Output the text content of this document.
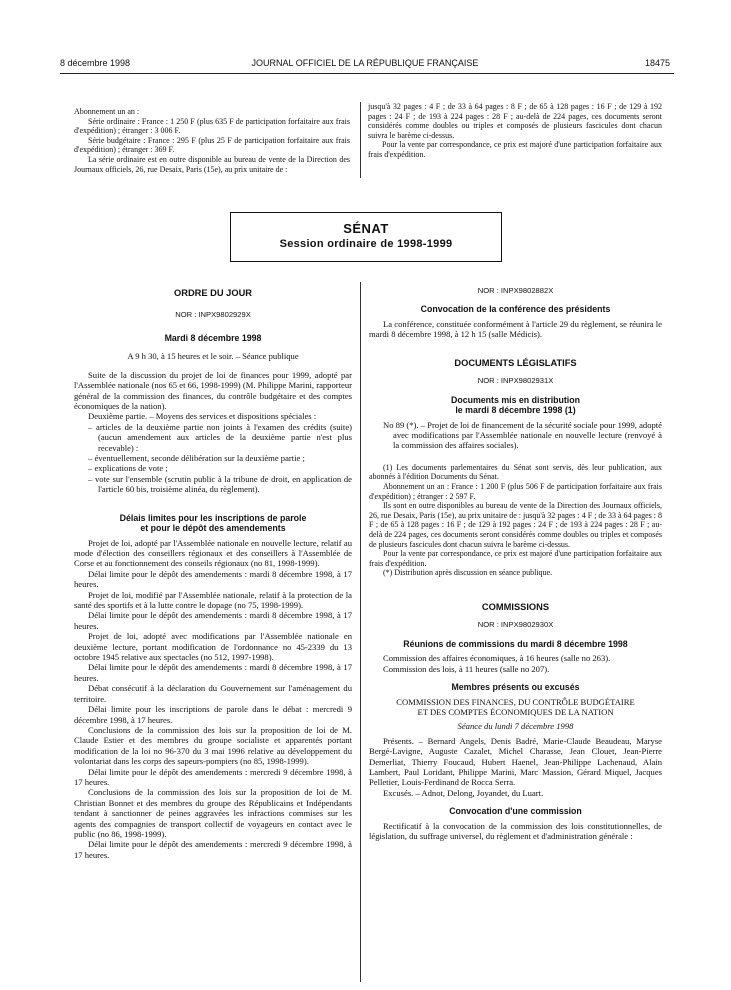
8 décembre 1998	JOURNAL OFFICIEL DE LA RÉPUBLIQUE FRANÇAISE	18475

Abonnement un an :

Série ordinaire : France : 1 250 F (plus 635 F de participation forfaitaire aux frais d'expédition) ; étranger : 3 006 F.

Série budgétaire : France : 295 F (plus 25 F de participation forfaitaire aux frais d'expédition) ; étranger : 369 F.

La série ordinaire est en outre disponible au bureau de vente de la Direction des Journaux officiels, 26, rue Desaix, Paris (15e), au prix unitaire de :

jusqu'à 32 pages : 4 F ; de 33 à 64 pages : 8 F ; de 65 à 128 pages : 16 F ; de 129 à 192 pages : 24 F ; de 193 à 224 pages : 28 F ; au-delà de 224 pages, ces documents seront considérés comme doubles ou triples et composés de plusieurs fascicules dont chacun suivra le barème ci-dessus.

Pour la vente par correspondance, ce prix est majoré d'une participation forfaitaire aux frais d'expédition.

SÉNAT
Session ordinaire de 1998-1999
ORDRE DU JOUR
NOR : INPX9802929X
Mardi 8 décembre 1998

A 9 h 30, à 15 heures et le soir. – Séance publique

Suite de la discussion du projet de loi de finances pour 1999, adopté par l'Assemblée nationale (nos 65 et 66, 1998-1999) (M. Philippe Marini, rapporteur général de la commission des finances, du contrôle budgétaire et des comptes économiques de la nation).

Deuxième partie. – Moyens des services et dispositions spéciales :

– articles de la deuxième partie non joints à l'examen des crédits (suite) (aucun amendement aux articles de la deuxième partie n'est plus recevable) :

– éventuellement, seconde délibération sur la deuxième partie ;

– explications de vote ;

– vote sur l'ensemble (scrutin public à la tribune de droit, en application de l'article 60 bis, troisième alinéa, du règlement).

Délais limites pour les inscriptions de parole
et pour le dépôt des amendements

Projet de loi, adopté par l'Assemblée nationale en nouvelle lecture, relatif au mode d'élection des conseillers régionaux et des conseillers à l'Assemblée de Corse et au fonctionnement des conseils régionaux (no 81, 1998-1999).

Délai limite pour le dépôt des amendements : mardi 8 décembre 1998, à 17 heures.

Projet de loi, modifié par l'Assemblée nationale, relatif à la protection de la santé des sportifs et à la lutte contre le dopage (no 75, 1998-1999).

Délai limite pour le dépôt des amendements : mardi 8 décembre 1998, à 17 heures.

Projet de loi, adopté avec modifications par l'Assemblée nationale en deuxième lecture, portant modification de l'ordonnance no 45-2339 du 13 octobre 1945 relative aux spectacles (no 512, 1997-1998).

Délai limite pour le dépôt des amendements : mardi 8 décembre 1998, à 17 heures.

Débat consécutif à la déclaration du Gouvernement sur l'aménagement du territoire.

Délai limite pour les inscriptions de parole dans le débat : mercredi 9 décembre 1998, à 17 heures.

Conclusions de la commission des lois sur la proposition de loi de M. Claude Estier et des membres du groupe socialiste et apparentés portant modification de la loi no 96-370 du 3 mai 1996 relative au développement du volontariat dans les corps des sapeurs-pompiers (no 85, 1998-1999).

Délai limite pour le dépôt des amendements : mercredi 9 décembre 1998, à 17 heures.

Conclusions de la commission des lois sur la proposition de loi de M. Christian Bonnet et des membres du groupe des Républicains et Indépendants tendant à sanctionner de peines aggravées les infractions commises sur les agents des compagnies de transport collectif de voyageurs en contact avec le public (no 86, 1998-1999).

Délai limite pour le dépôt des amendements : mercredi 9 décembre 1998, à 17 heures.

NOR : INPX9802882X
Convocation de la conférence des présidents

La conférence, constituée conformément à l'article 29 du règlement, se réunira le mardi 8 décembre 1998, à 12 h 15 (salle Médicis).

DOCUMENTS LÉGISLATIFS
NOR : INPX9802931X
Documents mis en distribution
le mardi 8 décembre 1998 (1)

No 89 (*). – Projet de loi de financement de la sécurité sociale pour 1999, adopté avec modifications par l'Assemblée nationale en nouvelle lecture (renvoyé à la commission des affaires sociales).

(1) Les documents parlementaires du Sénat sont servis, dès leur publication, aux abonnés à l'édition Documents du Sénat.

Abonnement un an : France : 1 200 F (plus 506 F de participation forfaitaire aux frais d'expédition) ; étranger : 2 597 F.

Ils sont en outre disponibles au bureau de vente de la Direction des Journaux officiels, 26, rue Desaix, Paris (15e), au prix unitaire de : jusqu'à 32 pages : 4 F ; de 33 à 64 pages : 8 F ; de 65 à 128 pages : 16 F ; de 129 à 192 pages : 24 F ; de 193 à 224 pages : 28 F ; au-delà de 224 pages, ces documents seront considérés comme doubles ou triples et composés de plusieurs fascicules dont chacun suivra le barème ci-dessus.

Pour la vente par correspondance, ce prix est majoré d'une participation forfaitaire aux frais d'expédition.

(*) Distribution après discussion en séance publique.

COMMISSIONS
NOR : INPX9802930X
Réunions de commissions du mardi 8 décembre 1998

Commission des affaires économiques, à 16 heures (salle no 263).

Commission des lois, à 11 heures (salle no 207).

Membres présents ou excusés

COMMISSION DES FINANCES, DU CONTRÔLE BUDGÉTAIRE

ET DES COMPTES ÉCONOMIQUES DE LA NATION

Séance du lundi 7 décembre 1998

Présents. – Bernard Angels, Denis Badré, Marie-Claude Beaudeau, Maryse Bergé-Lavigne, Auguste Cazalet, Michel Charasse, Jean Clouet, Jean-Pierre Demerliat, Thierry Foucaud, Hubert Haenel, Jean-Philippe Lachenaud, Alain Lambert, Paul Loridant, Philippe Marini, Marc Massion, Gérard Miquel, Jacques Pelletier, Louis-Ferdinand de Rocca Serra.

Excusés. – Adnot, Delong, Joyandet, du Luart.

Convocation d'une commission

Rectificatif à la convocation de la commission des lois constitutionnelles, de législation, du suffrage universel, du règlement et d'administration générale :
